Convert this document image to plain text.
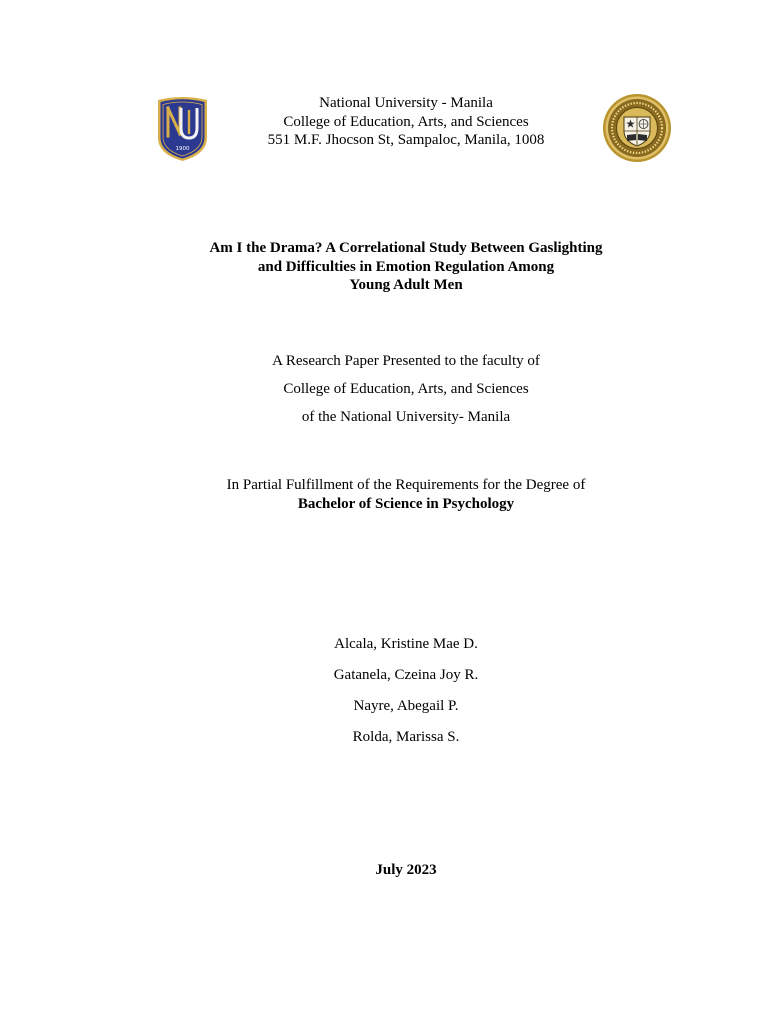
1900
National University - Manila
College of Education, Arts, and Sciences
551 M.F. Jhocson St, Sampaloc, Manila, 1008
Am I the Drama? A Correlational Study Between Gaslighting
and Difficulties in Emotion Regulation Among
Young Adult Men
A Research Paper Presented to the faculty of
College of Education, Arts, and Sciences
of the National University- Manila
In Partial Fulfillment of the Requirements for the Degree of
Bachelor of Science in Psychology
Alcala, Kristine Mae D.
Gatanela, Czeina Joy R.
Nayre, Abegail P.
Rolda, Marissa S.
July 2023
